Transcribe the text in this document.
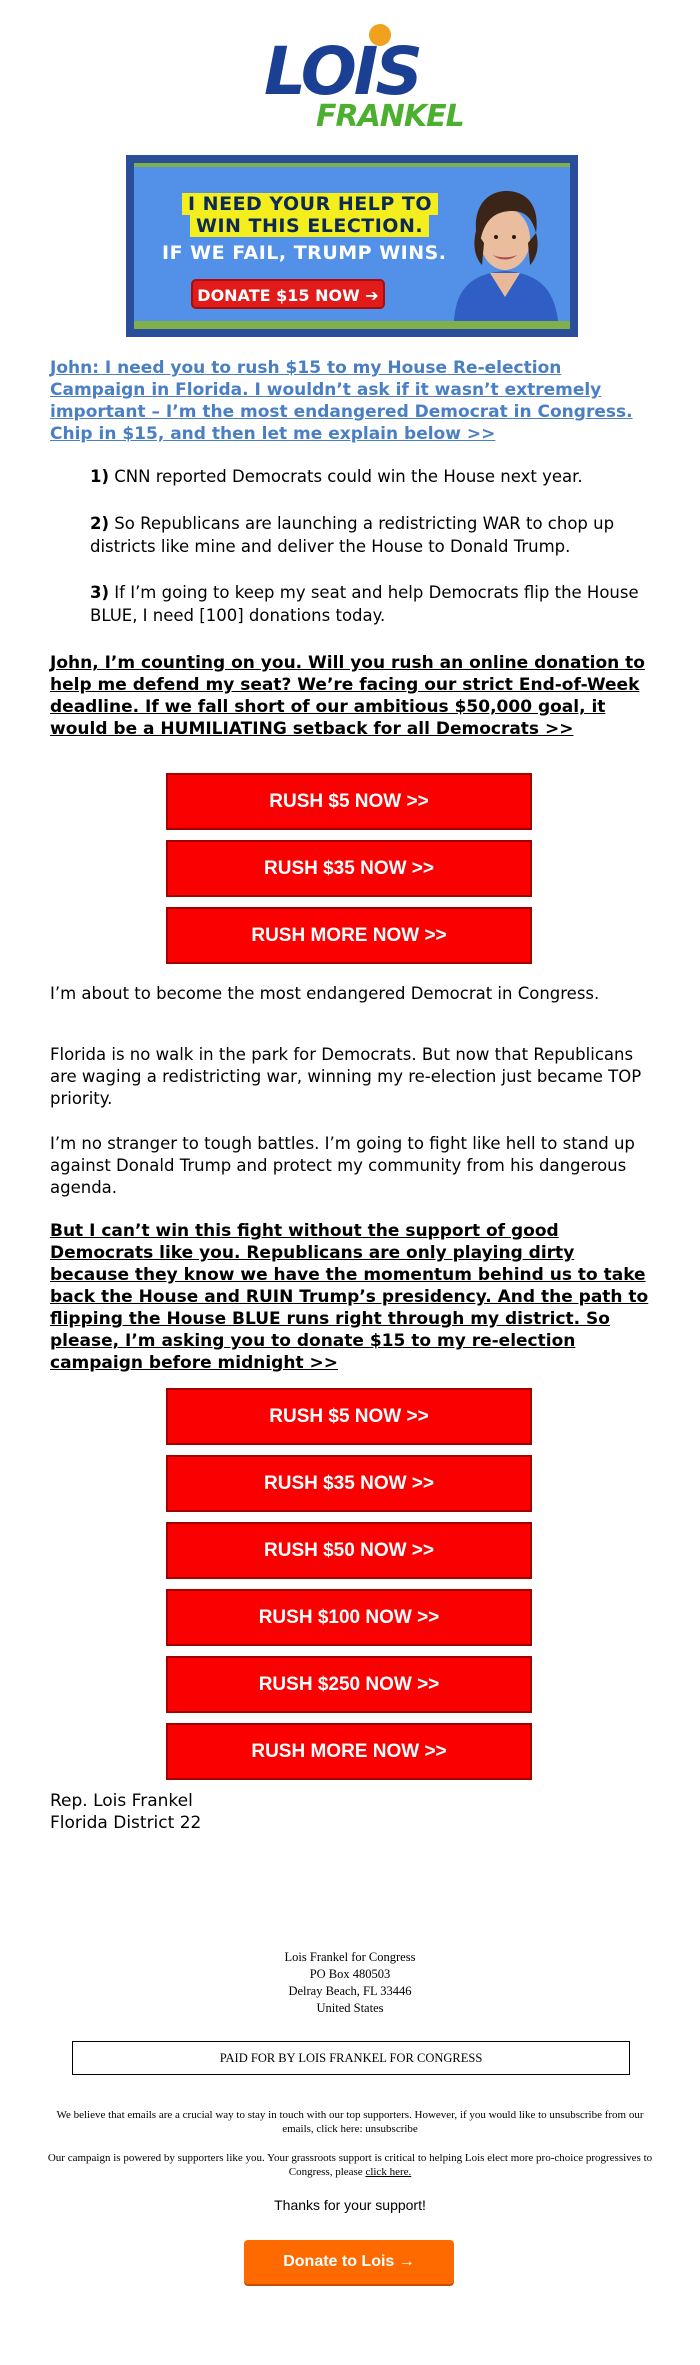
LOIS
FRANKEL
I NEED YOUR HELP TO
WIN THIS ELECTION.
IF WE FAIL, TRUMP WINS.
DONATE $15 NOW ➔
John: I need you to rush $15 to my House Re-election Campaign in Florida. I wouldn’t ask if it wasn’t extremely important – I’m the most endangered Democrat in Congress. Chip in $15, and then let me explain below >>
1) CNN reported Democrats could win the House next year.
2) So Republicans are launching a redistricting WAR to chop up districts like mine and deliver the House to Donald Trump.
3) If I’m going to keep my seat and help Democrats flip the House BLUE, I need [100] donations today.
John, I’m counting on you. Will you rush an online donation to help me defend my seat? We’re facing our strict End-of-Week deadline. If we fall short of our ambitious $50,000 goal, it would be a HUMILIATING setback for all Democrats >>
RUSH $5 NOW >>
RUSH $35 NOW >>
RUSH MORE NOW >>

I’m about to become the most endangered Democrat in Congress.

Florida is no walk in the park for Democrats. But now that Republicans are waging a redistricting war, winning my re-election just became TOP priority.

I’m no stranger to tough battles. I’m going to fight like hell to stand up against Donald Trump and protect my community from his dangerous agenda.

But I can’t win this fight without the support of good Democrats like you. Republicans are only playing dirty because they know we have the momentum behind us to take back the House and RUIN Trump’s presidency. And the path to flipping the House BLUE runs right through my district. So please, I’m asking you to donate $15 to my re-election campaign before midnight >>
RUSH $5 NOW >>
RUSH $35 NOW >>
RUSH $50 NOW >>
RUSH $100 NOW >>
RUSH $250 NOW >>
RUSH MORE NOW >>
Rep. Lois Frankel
Florida District 22
Lois Frankel for Congress
PO Box 480503
Delray Beach, FL 33446
United States
PAID FOR BY LOIS FRANKEL FOR CONGRESS

We believe that emails are a crucial way to stay in touch with our top supporters. However, if you would like to unsubscribe from our emails, click here: unsubscribe

Our campaign is powered by supporters like you. Your grassroots support is critical to helping Lois elect more pro-choice progressives to Congress, please click here.

Thanks for your support!
Donate to Lois →
